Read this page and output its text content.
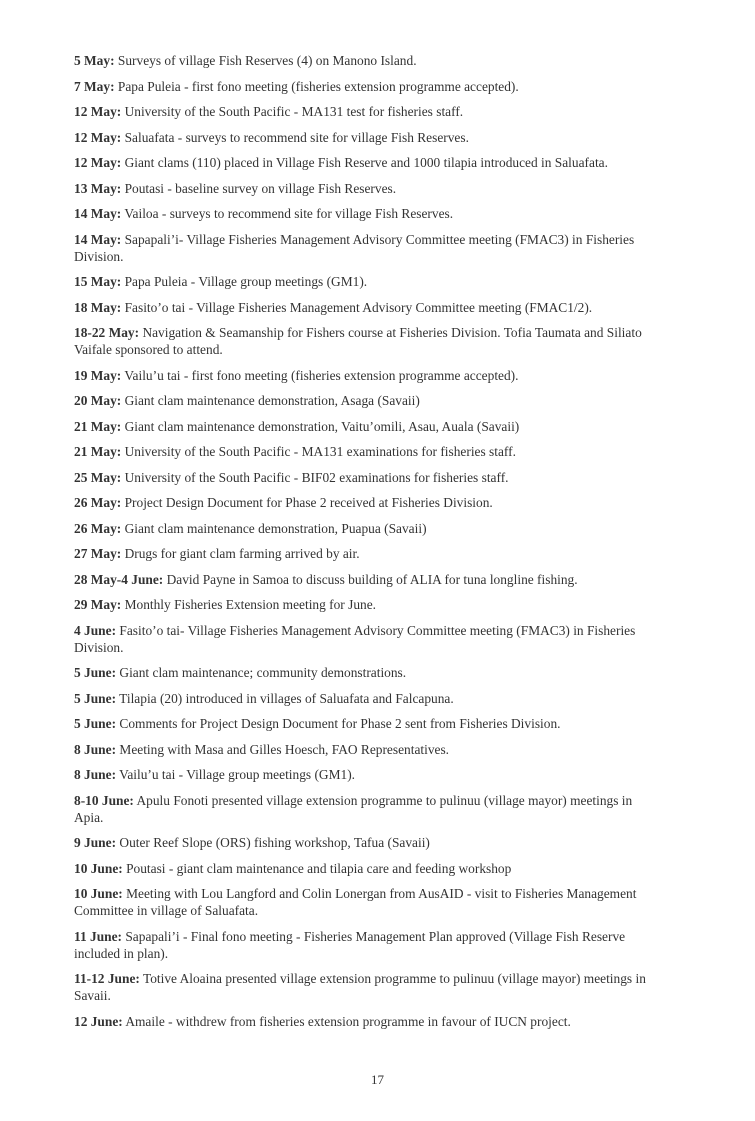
5 May: Surveys of village Fish Reserves (4) on Manono Island.

7 May: Papa Puleia - first fono meeting (fisheries extension programme accepted).

12 May: University of the South Pacific - MA131 test for fisheries staff.

12 May: Saluafata - surveys to recommend site for village Fish Reserves.

12 May: Giant clams (110) placed in Village Fish Reserve and 1000 tilapia introduced in Saluafata.

13 May: Poutasi - baseline survey on village Fish Reserves.

14 May: Vailoa - surveys to recommend site for village Fish Reserves.

14 May: Sapapali’i- Village Fisheries Management Advisory Committee meeting (FMAC3) in Fisheries Division.

15 May: Papa Puleia - Village group meetings (GM1).

18 May: Fasito’o tai - Village Fisheries Management Advisory Committee meeting (FMAC1/2).

18-22 May: Navigation & Seamanship for Fishers course at Fisheries Division. Tofia Taumata and Siliato Vaifale sponsored to attend.

19 May: Vailu’u tai - first fono meeting (fisheries extension programme accepted).

20 May: Giant clam maintenance demonstration, Asaga (Savaii)

21 May: Giant clam maintenance demonstration, Vaitu’omili, Asau, Auala (Savaii)

21 May: University of the South Pacific - MA131 examinations for fisheries staff.

25 May: University of the South Pacific - BIF02 examinations for fisheries staff.

26 May: Project Design Document for Phase 2 received at Fisheries Division.

26 May: Giant clam maintenance demonstration, Puapua (Savaii)

27 May: Drugs for giant clam farming arrived by air.

28 May-4 June: David Payne in Samoa to discuss building of ALIA for tuna longline fishing.

29 May: Monthly Fisheries Extension meeting for June.

4 June: Fasito’o tai- Village Fisheries Management Advisory Committee meeting (FMAC3) in Fisheries Division.

5 June: Giant clam maintenance; community demonstrations.

5 June: Tilapia (20) introduced in villages of Saluafata and Falcapuna.

5 June: Comments for Project Design Document for Phase 2 sent from Fisheries Division.

8 June: Meeting with Masa and Gilles Hoesch, FAO Representatives.

8 June: Vailu’u tai - Village group meetings (GM1).

8-10 June: Apulu Fonoti presented village extension programme to pulinuu (village mayor) meetings in Apia.

9 June: Outer Reef Slope (ORS) fishing workshop, Tafua (Savaii)

10 June: Poutasi - giant clam maintenance and tilapia care and feeding workshop

10 June: Meeting with Lou Langford and Colin Lonergan from AusAID - visit to Fisheries Management Committee in village of Saluafata.

11 June: Sapapali’i - Final fono meeting - Fisheries Management Plan approved (Village Fish Reserve included in plan).

11-12 June: Totive Aloaina presented village extension programme to pulinuu (village mayor) meetings in Savaii.

12 June: Amaile - withdrew from fisheries extension programme in favour of IUCN project.

17
